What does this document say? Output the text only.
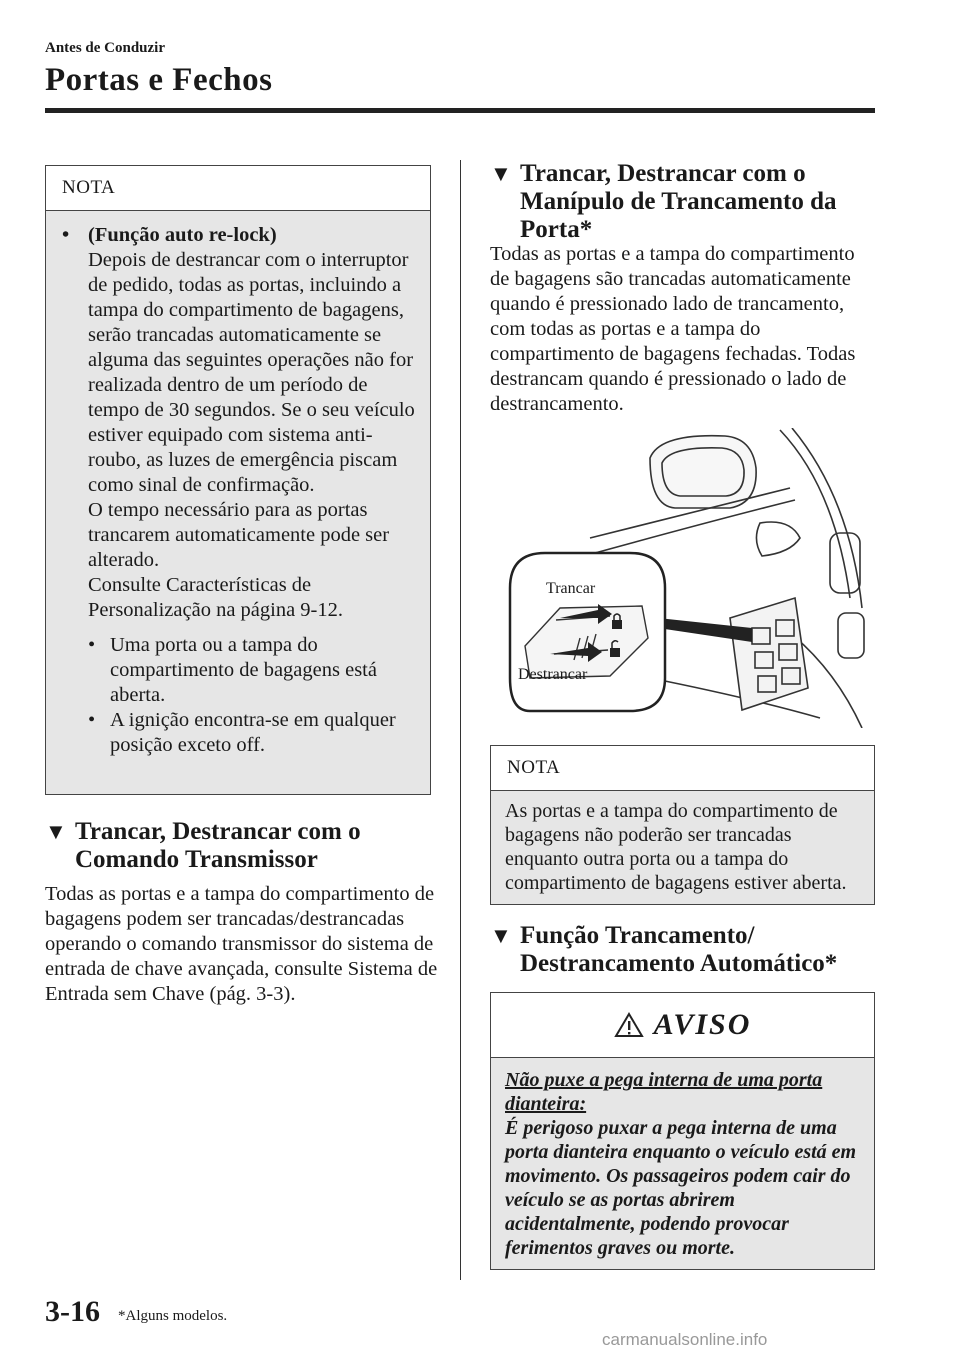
Antes de Conduzir
Portas e Fechos
NOTA
• (Função auto re-lock)
Depois de destrancar com o interruptor de pedido, todas as portas, incluindo a tampa do compartimento de bagagens, serão trancadas automaticamente se alguma das seguintes operações não for realizada dentro de um período de tempo de 30 segundos. Se o seu veículo estiver equipado com sistema anti-roubo, as luzes de emergência piscam como sinal de confirmação.
O tempo necessário para as portas trancarem automaticamente pode ser alterado.
Consulte Características de Personalização na página 9-12.
• Uma porta ou a tampa do compartimento de bagagens está aberta.
• A ignição encontra-se em qualquer posição exceto off.
▼ Trancar, Destrancar com o Comando Transmissor
Todas as portas e a tampa do compartimento de bagagens podem ser trancadas/destrancadas operando o comando transmissor do sistema de entrada de chave avançada, consulte Sistema de Entrada sem Chave (pág. 3-3).
▼ Trancar, Destrancar com o Manípulo de Trancamento da Porta*
Todas as portas e a tampa do compartimento de bagagens são trancadas automaticamente quando é pressionado lado de trancamento, com todas as portas e a tampa do compartimento de bagagens fechadas. Todas destrancam quando é pressionado o lado de destrancamento.
Trancar
Destrancar
NOTA
As portas e a tampa do compartimento de bagagens não poderão ser trancadas enquanto outra porta ou a tampa do compartimento de bagagens estiver aberta.
▼ Função Trancamento/ Destrancamento Automático*
AVISO
Não puxe a pega interna de uma porta dianteira:
É perigoso puxar a pega interna de uma porta dianteira enquanto o veículo está em movimento. Os passageiros podem cair do veículo se as portas abrirem acidentalmente, podendo provocar ferimentos graves ou morte.
3-16 *Alguns modelos.
carmanualsonline.info
